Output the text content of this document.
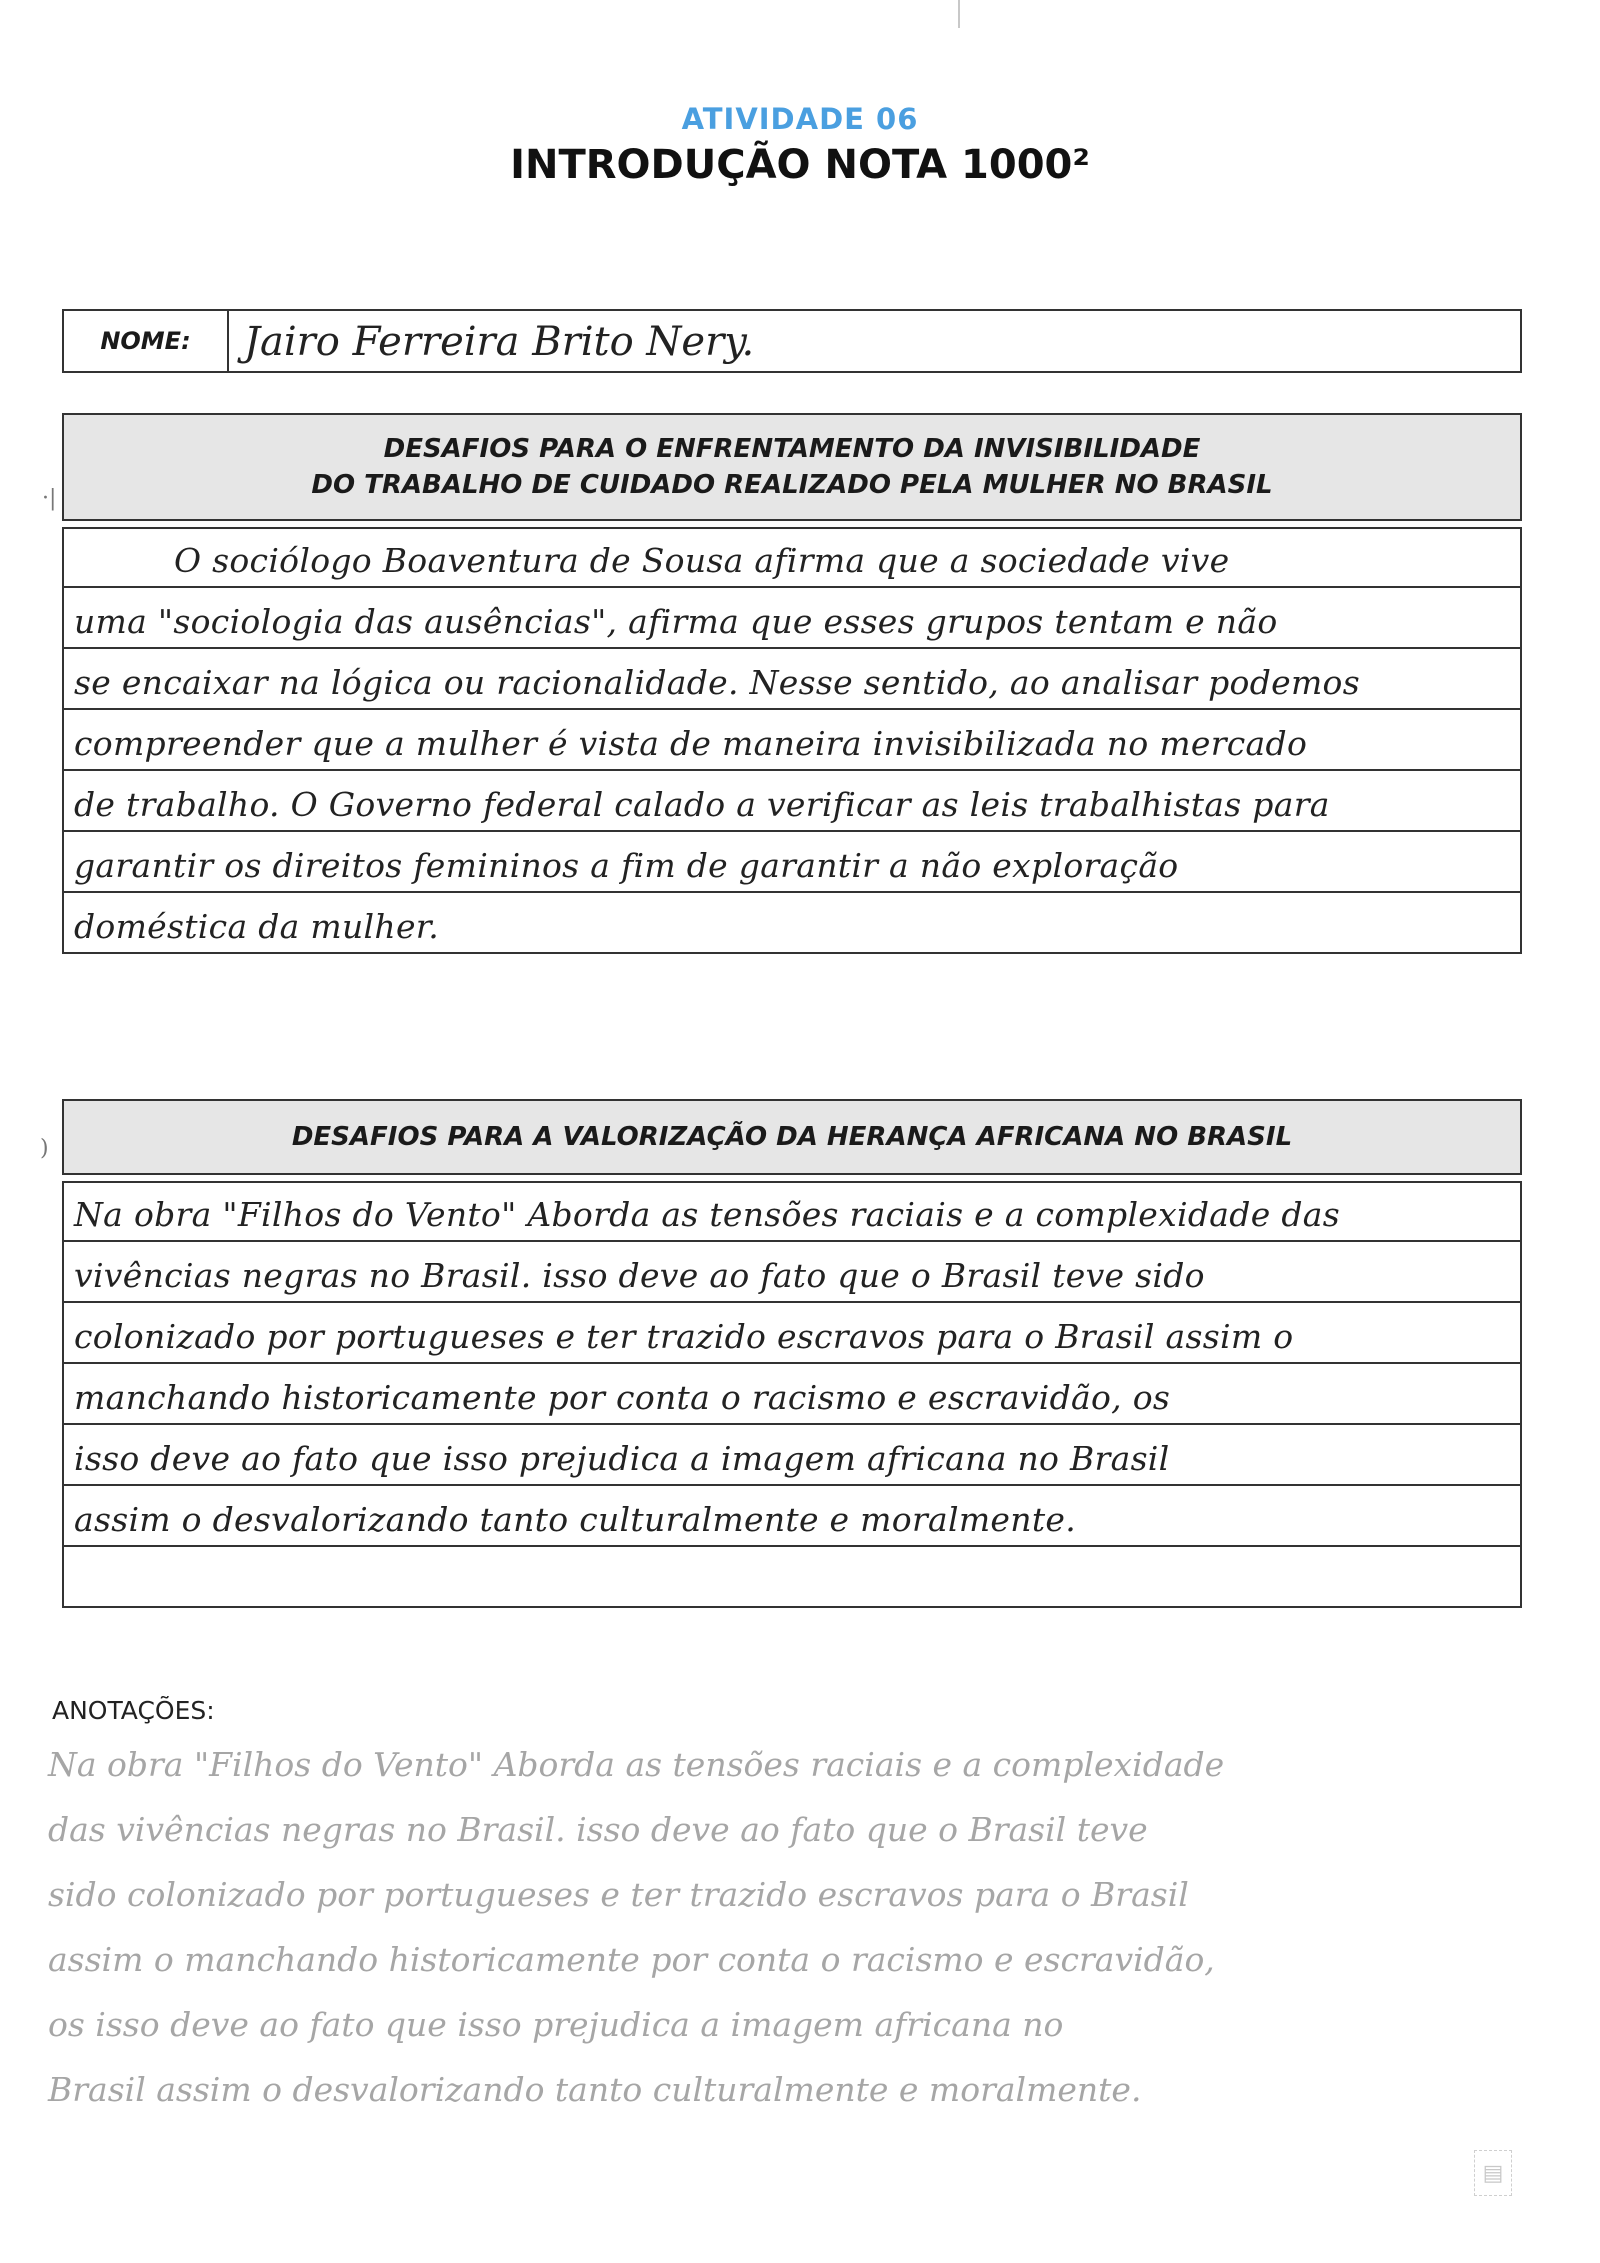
ATIVIDADE 06
INTRODUÇÃO NOTA 1000²
NOME:	Jairo Ferreira Brito Nery.
·|
DESAFIOS PARA O ENFRENTAMENTO DA INVISIBILIDADE
DO TRABALHO DE CUIDADO REALIZADO PELA MULHER NO BRASIL
O sociólogo Boaventura de Sousa afirma que a sociedade vive
uma "sociologia das ausências", afirma que esses grupos tentam e não
se encaixar na lógica ou racionalidade. Nesse sentido, ao analisar podemos
compreender que a mulher é vista de maneira invisibilizada no mercado
de trabalho. O Governo federal calado a verificar as leis trabalhistas para
garantir os direitos femininos a fim de garantir a não exploração
doméstica da mulher.
)	DESAFIOS PARA A VALORIZAÇÃO DA HERANÇA AFRICANA NO BRASIL
Na obra "Filhos do Vento" Aborda as tensões raciais e a complexidade das
vivências negras no Brasil. isso deve ao fato que o Brasil teve sido
colonizado por portugueses e ter trazido escravos para o Brasil assim o
manchando historicamente por conta o racismo e escravidão, os
isso deve ao fato que isso prejudica a imagem africana no Brasil
assim o desvalorizando tanto culturalmente e moralmente.
ANOTAÇÕES:
Na obra "Filhos do Vento" Aborda as tensões raciais e a complexidade
das vivências negras no Brasil. isso deve ao fato que o Brasil teve
sido colonizado por portugueses e ter trazido escravos para o Brasil
assim o manchando historicamente por conta o racismo e escravidão,
os isso deve ao fato que isso prejudica a imagem africana no
Brasil assim o desvalorizando tanto culturalmente e moralmente.
▤
